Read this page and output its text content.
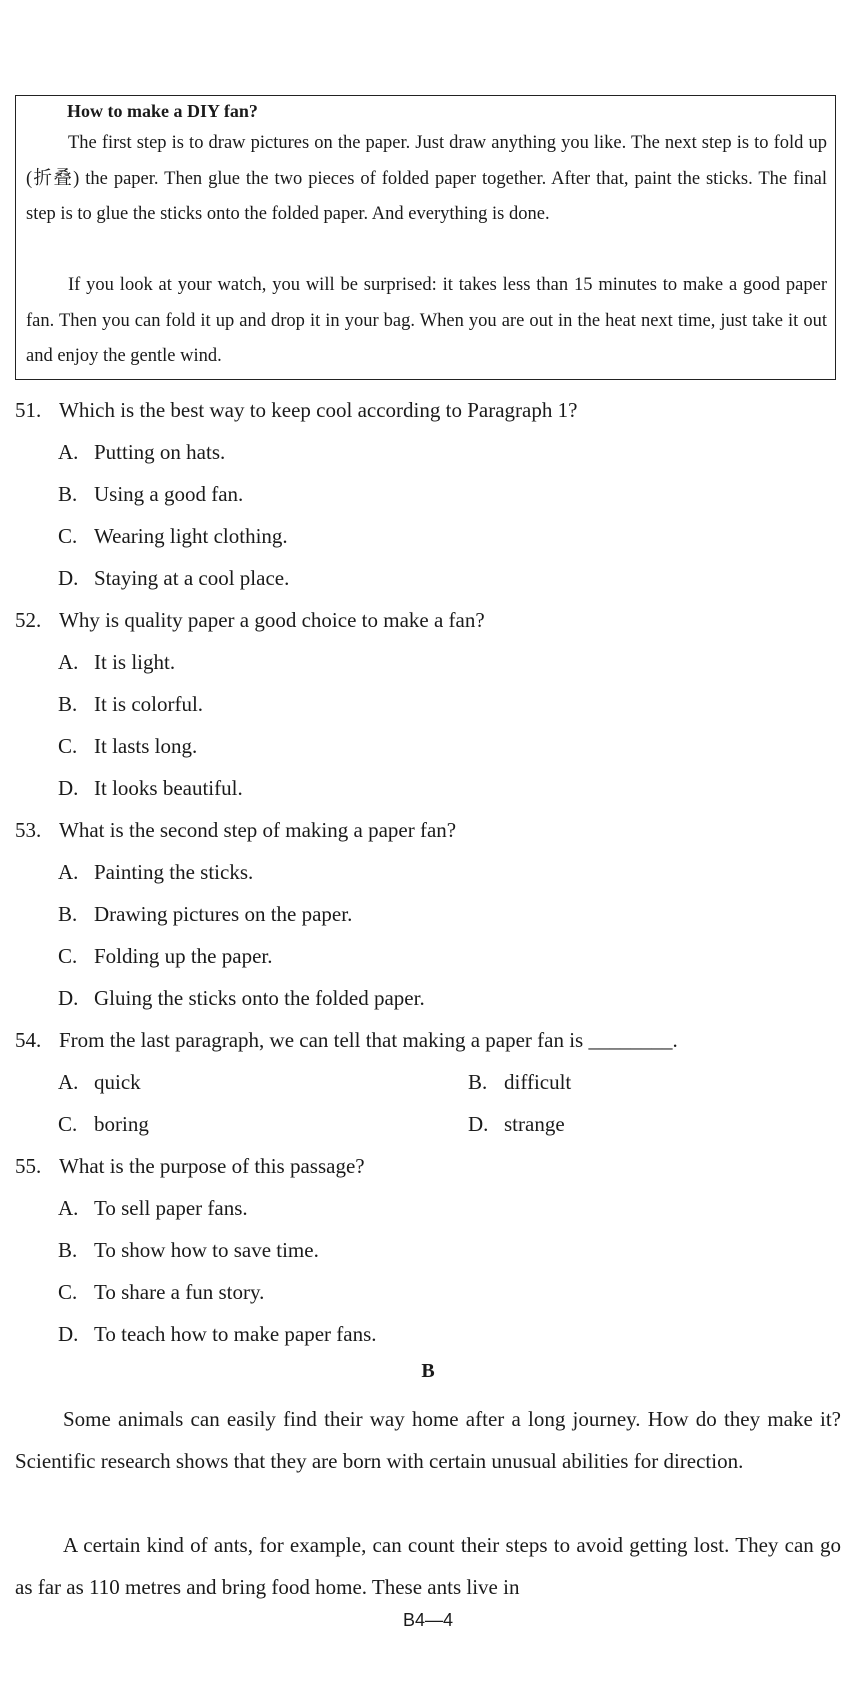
How to make a DIY fan?

The first step is to draw pictures on the paper. Just draw anything you like. The next step is to fold up (折叠) the paper. Then glue the two pieces of folded paper together. After that, paint the sticks. The final step is to glue the sticks onto the folded paper. And everything is done.

If you look at your watch, you will be surprised: it takes less than 15 minutes to make a good paper fan. Then you can fold it up and drop it in your bag. When you are out in the heat next time, just take it out and enjoy the gentle wind.

51. Which is the best way to keep cool according to Paragraph 1?
A. Putting on hats.
B. Using a good fan.
C. Wearing light clothing.
D. Staying at a cool place.
52. Why is quality paper a good choice to make a fan?
A. It is light.
B. It is colorful.
C. It lasts long.
D. It looks beautiful.
53. What is the second step of making a paper fan?
A. Painting the sticks.
B. Drawing pictures on the paper.
C. Folding up the paper.
D. Gluing the sticks onto the folded paper.
54. From the last paragraph, we can tell that making a paper fan is ________.
A. quick	B. difficult
C. boring	D. strange
55. What is the purpose of this passage?
A. To sell paper fans.
B. To show how to save time.
C. To share a fun story.
D. To teach how to make paper fans.
B

Some animals can easily find their way home after a long journey. How do they make it? Scientific research shows that they are born with certain unusual abilities for direction.

A certain kind of ants, for example, can count their steps to avoid getting lost. They can go as far as 110 metres and bring food home. These ants live in

B4—4
